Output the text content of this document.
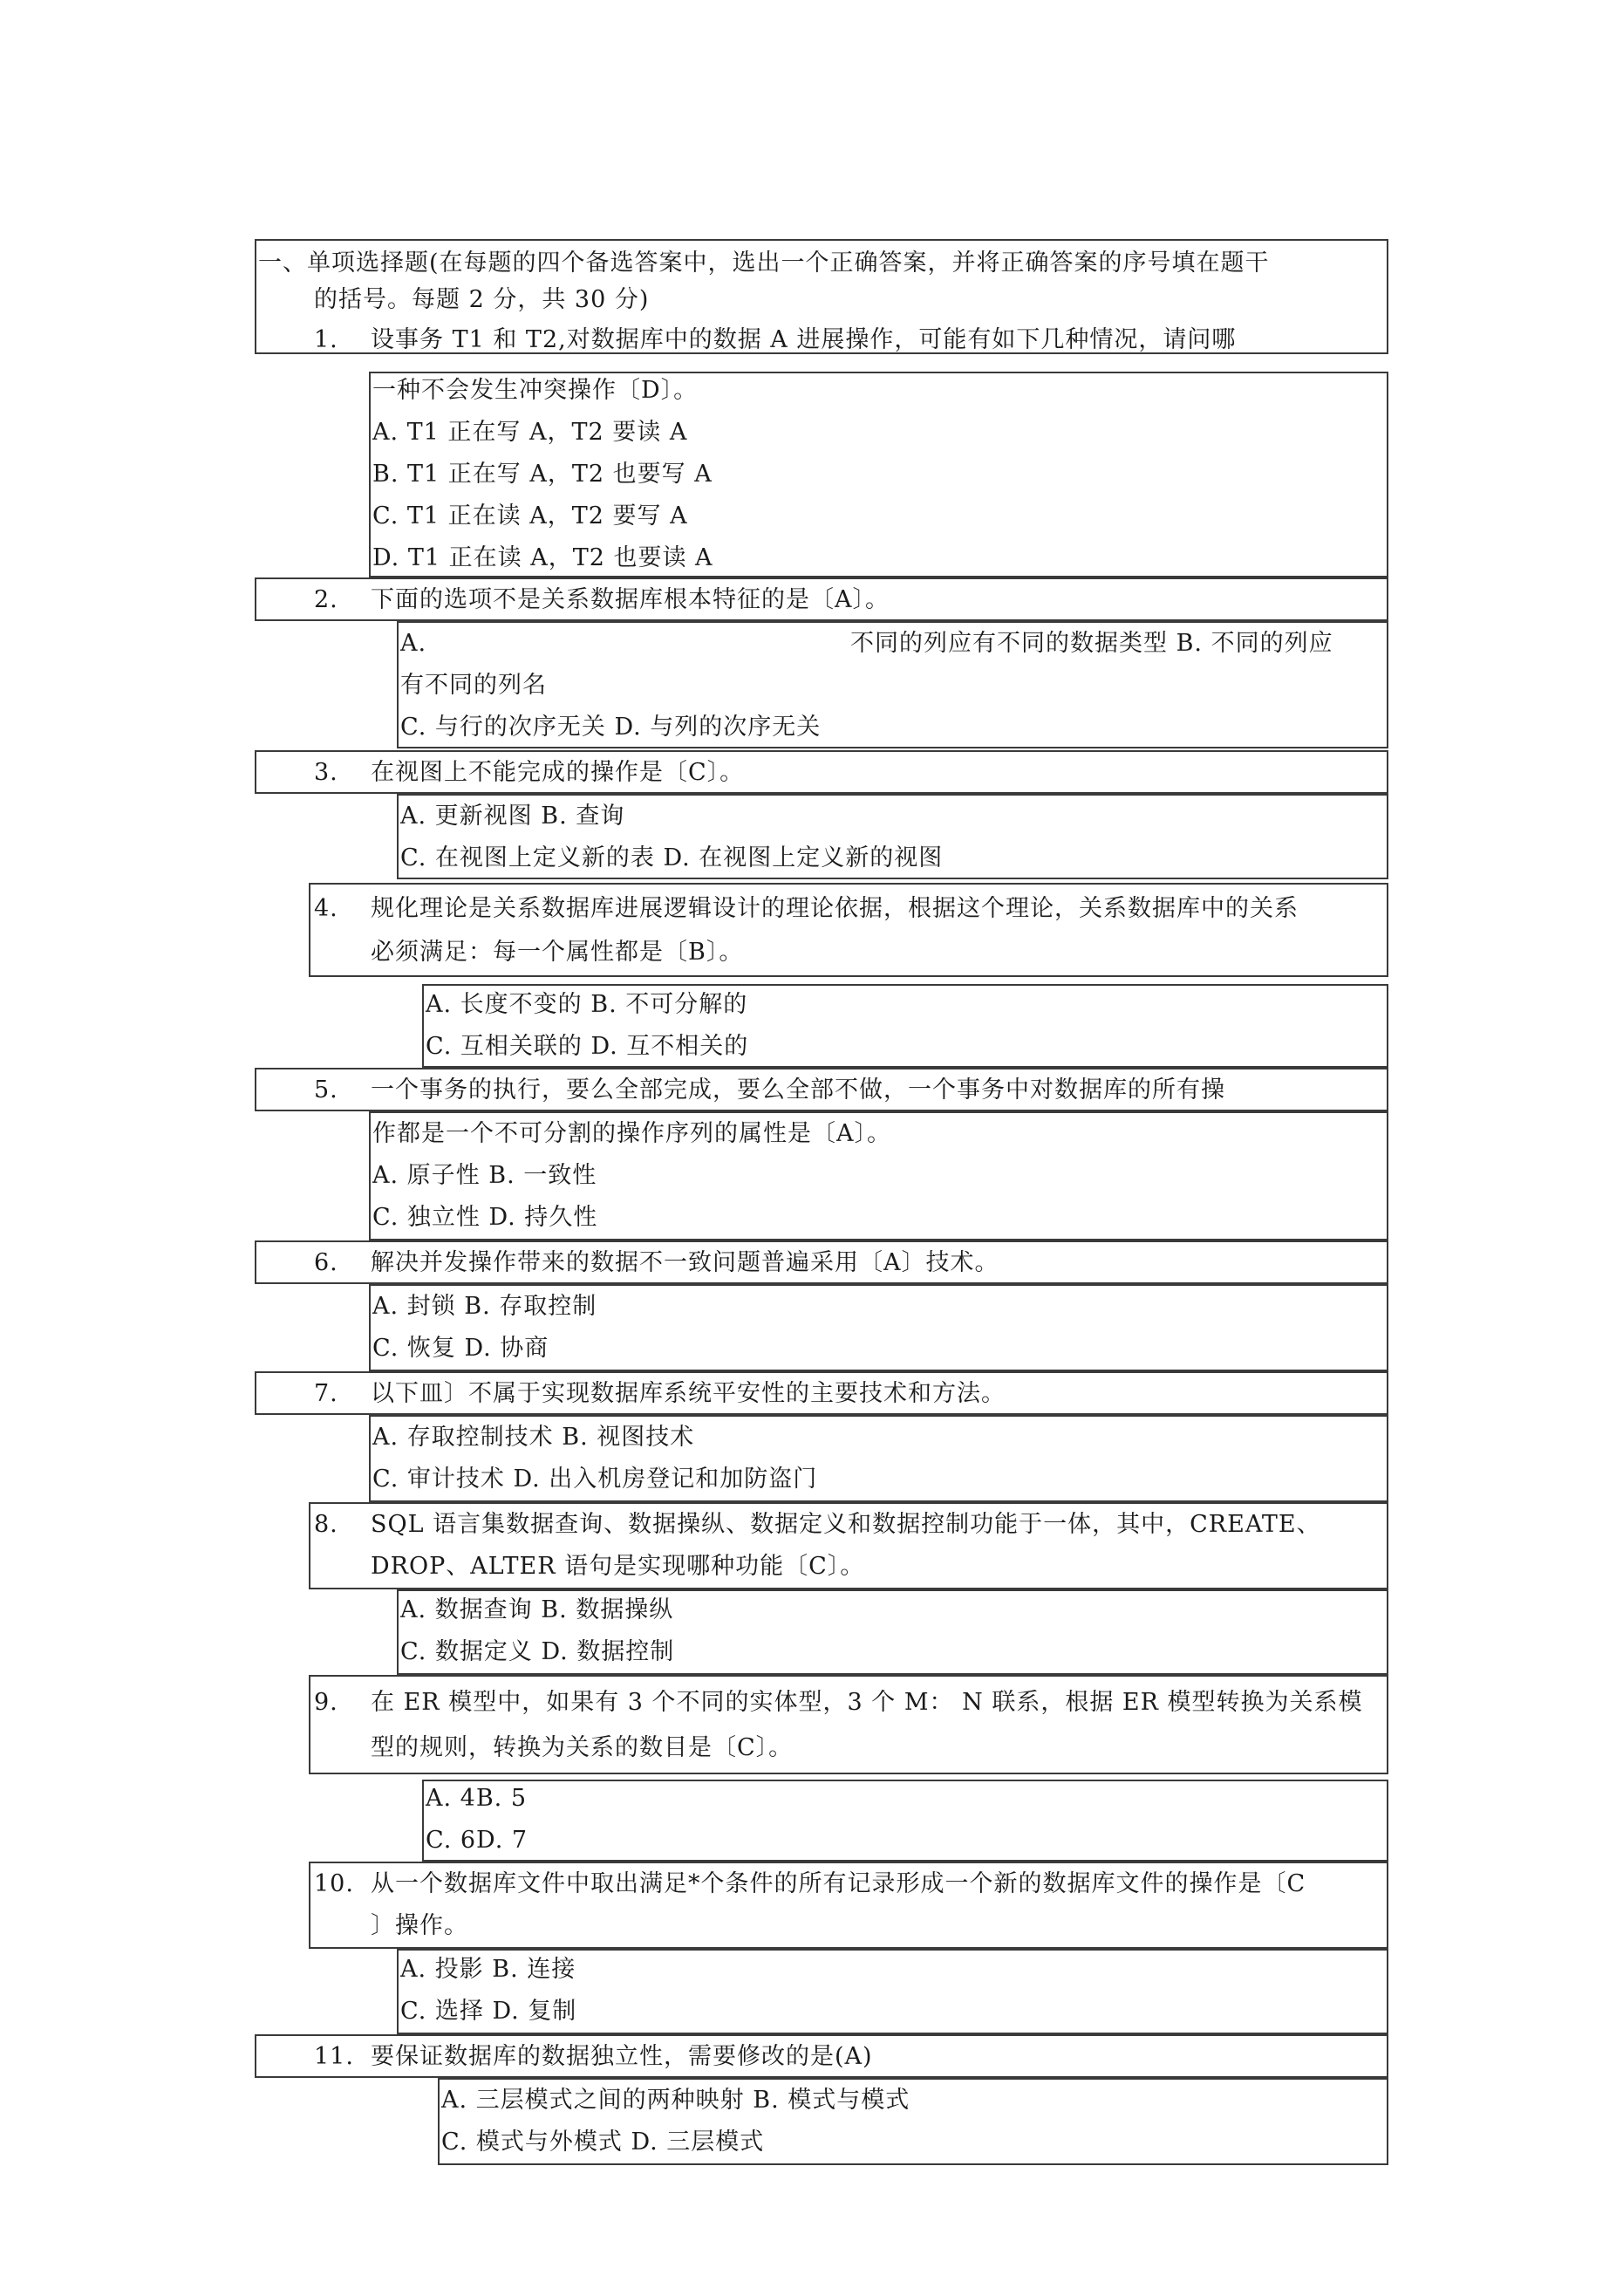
一、单项选择题(在每题的四个备选答案中，选出一个正确答案，并将正确答案的序号填在题干
的括号。每题 2 分，共 30 分)
1. 设事务 T1 和 T2,对数据库中的数据 A 进展操作，可能有如下几种情况，请问哪
一种不会发生冲突操作〔D〕。
A. T1 正在写 A，T2 要读 A
B. T1 正在写 A，T2 也要写 A
C. T1 正在读 A，T2 要写 A
D. T1 正在读 A，T2 也要读 A
2. 下面的选项不是关系数据库根本特征的是〔A〕。
A.	不同的列应有不同的数据类型 B. 不同的列应
有不同的列名
C. 与行的次序无关 D. 与列的次序无关
3. 在视图上不能完成的操作是〔C〕。
A. 更新视图 B. 查询
C. 在视图上定义新的表 D. 在视图上定义新的视图
4. 规化理论是关系数据库进展逻辑设计的理论依据，根据这个理论，关系数据库中的关系
必须满足：每一个属性都是〔B〕。
A. 长度不变的 B. 不可分解的
C. 互相关联的 D. 互不相关的
5. 一个事务的执行，要么全部完成，要么全部不做，一个事务中对数据库的所有操
作都是一个不可分割的操作序列的属性是〔A〕。
A. 原子性 B. 一致性
C. 独立性 D. 持久性
6. 解决并发操作带来的数据不一致问题普遍采用〔A〕技术。
A. 封锁 B. 存取控制
C. 恢复 D. 协商
7. 以下皿〕不属于实现数据库系统平安性的主要技术和方法。
A. 存取控制技术 B. 视图技术
C. 审计技术 D. 出入机房登记和加防盗门
8. SQL 语言集数据查询、数据操纵、数据定义和数据控制功能于一体，其中，CREATE、
DROP、ALTER 语句是实现哪种功能〔C〕。
A. 数据查询 B. 数据操纵
C. 数据定义 D. 数据控制
9. 在 ER 模型中，如果有 3 个不同的实体型，3 个 M： N 联系，根据 ER 模型转换为关系模
型的规则，转换为关系的数目是〔C〕。
A. 4B. 5
C. 6D. 7
10. 从一个数据库文件中取出满足*个条件的所有记录形成一个新的数据库文件的操作是〔C
〕操作。
A. 投影 B. 连接
C. 选择 D. 复制
11. 要保证数据库的数据独立性，需要修改的是(A)
A. 三层模式之间的两种映射 B. 模式与模式
C. 模式与外模式 D. 三层模式
